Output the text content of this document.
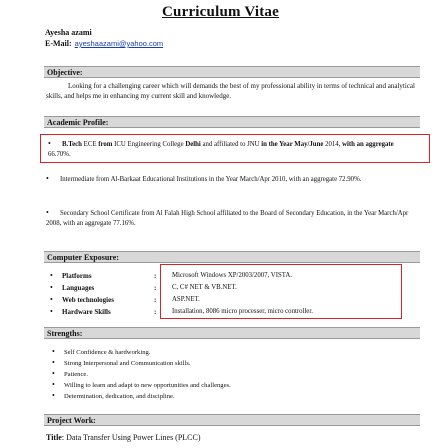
Curriculum Vitae
Ayesha azami
E-Mail: ayeshaazami@yahoo.com
Objective:
Looking for a challenging career which will demands the best of my professional ability in terms of technical and analytical skills, and helps me in enhancing my current skill and knowledge.
Academic Profile:
• B.Tech ECE from ICU Engineering College Delhi and affiliated to JNU in the Year May/June 2014, with an aggregate 66.70%.
• Intermediate from Al-Barkaat Educational Institutions in the Year March/Apr 2010, with an aggregate 72.90%.
• Secondary School Certificate from Al Falah High School affiliated to the Board of Secondary Education, in the Year March/Apr 2008, with an aggregate 77.16%.
Computer Exposure:
• Platforms	:	Microsoft Windows XP/2003/2007, VISTA.
• Languages	:	C, C# NET & VB.NET.
• Web technologies	:	ASP.NET.
• Hardware Skills	:	Installation, 8086 micro processer, micro controller.
Strengths:
• Self Confidence & hardworking.
• Strong Interpersonal and Communication skills.
• Patience.
• Willing to learn and adapt to new opportunities and challenges.
• Determination, dedication, and discipline.
Project Work:
Title: Data Transfer Using Power Lines (PLCC)
